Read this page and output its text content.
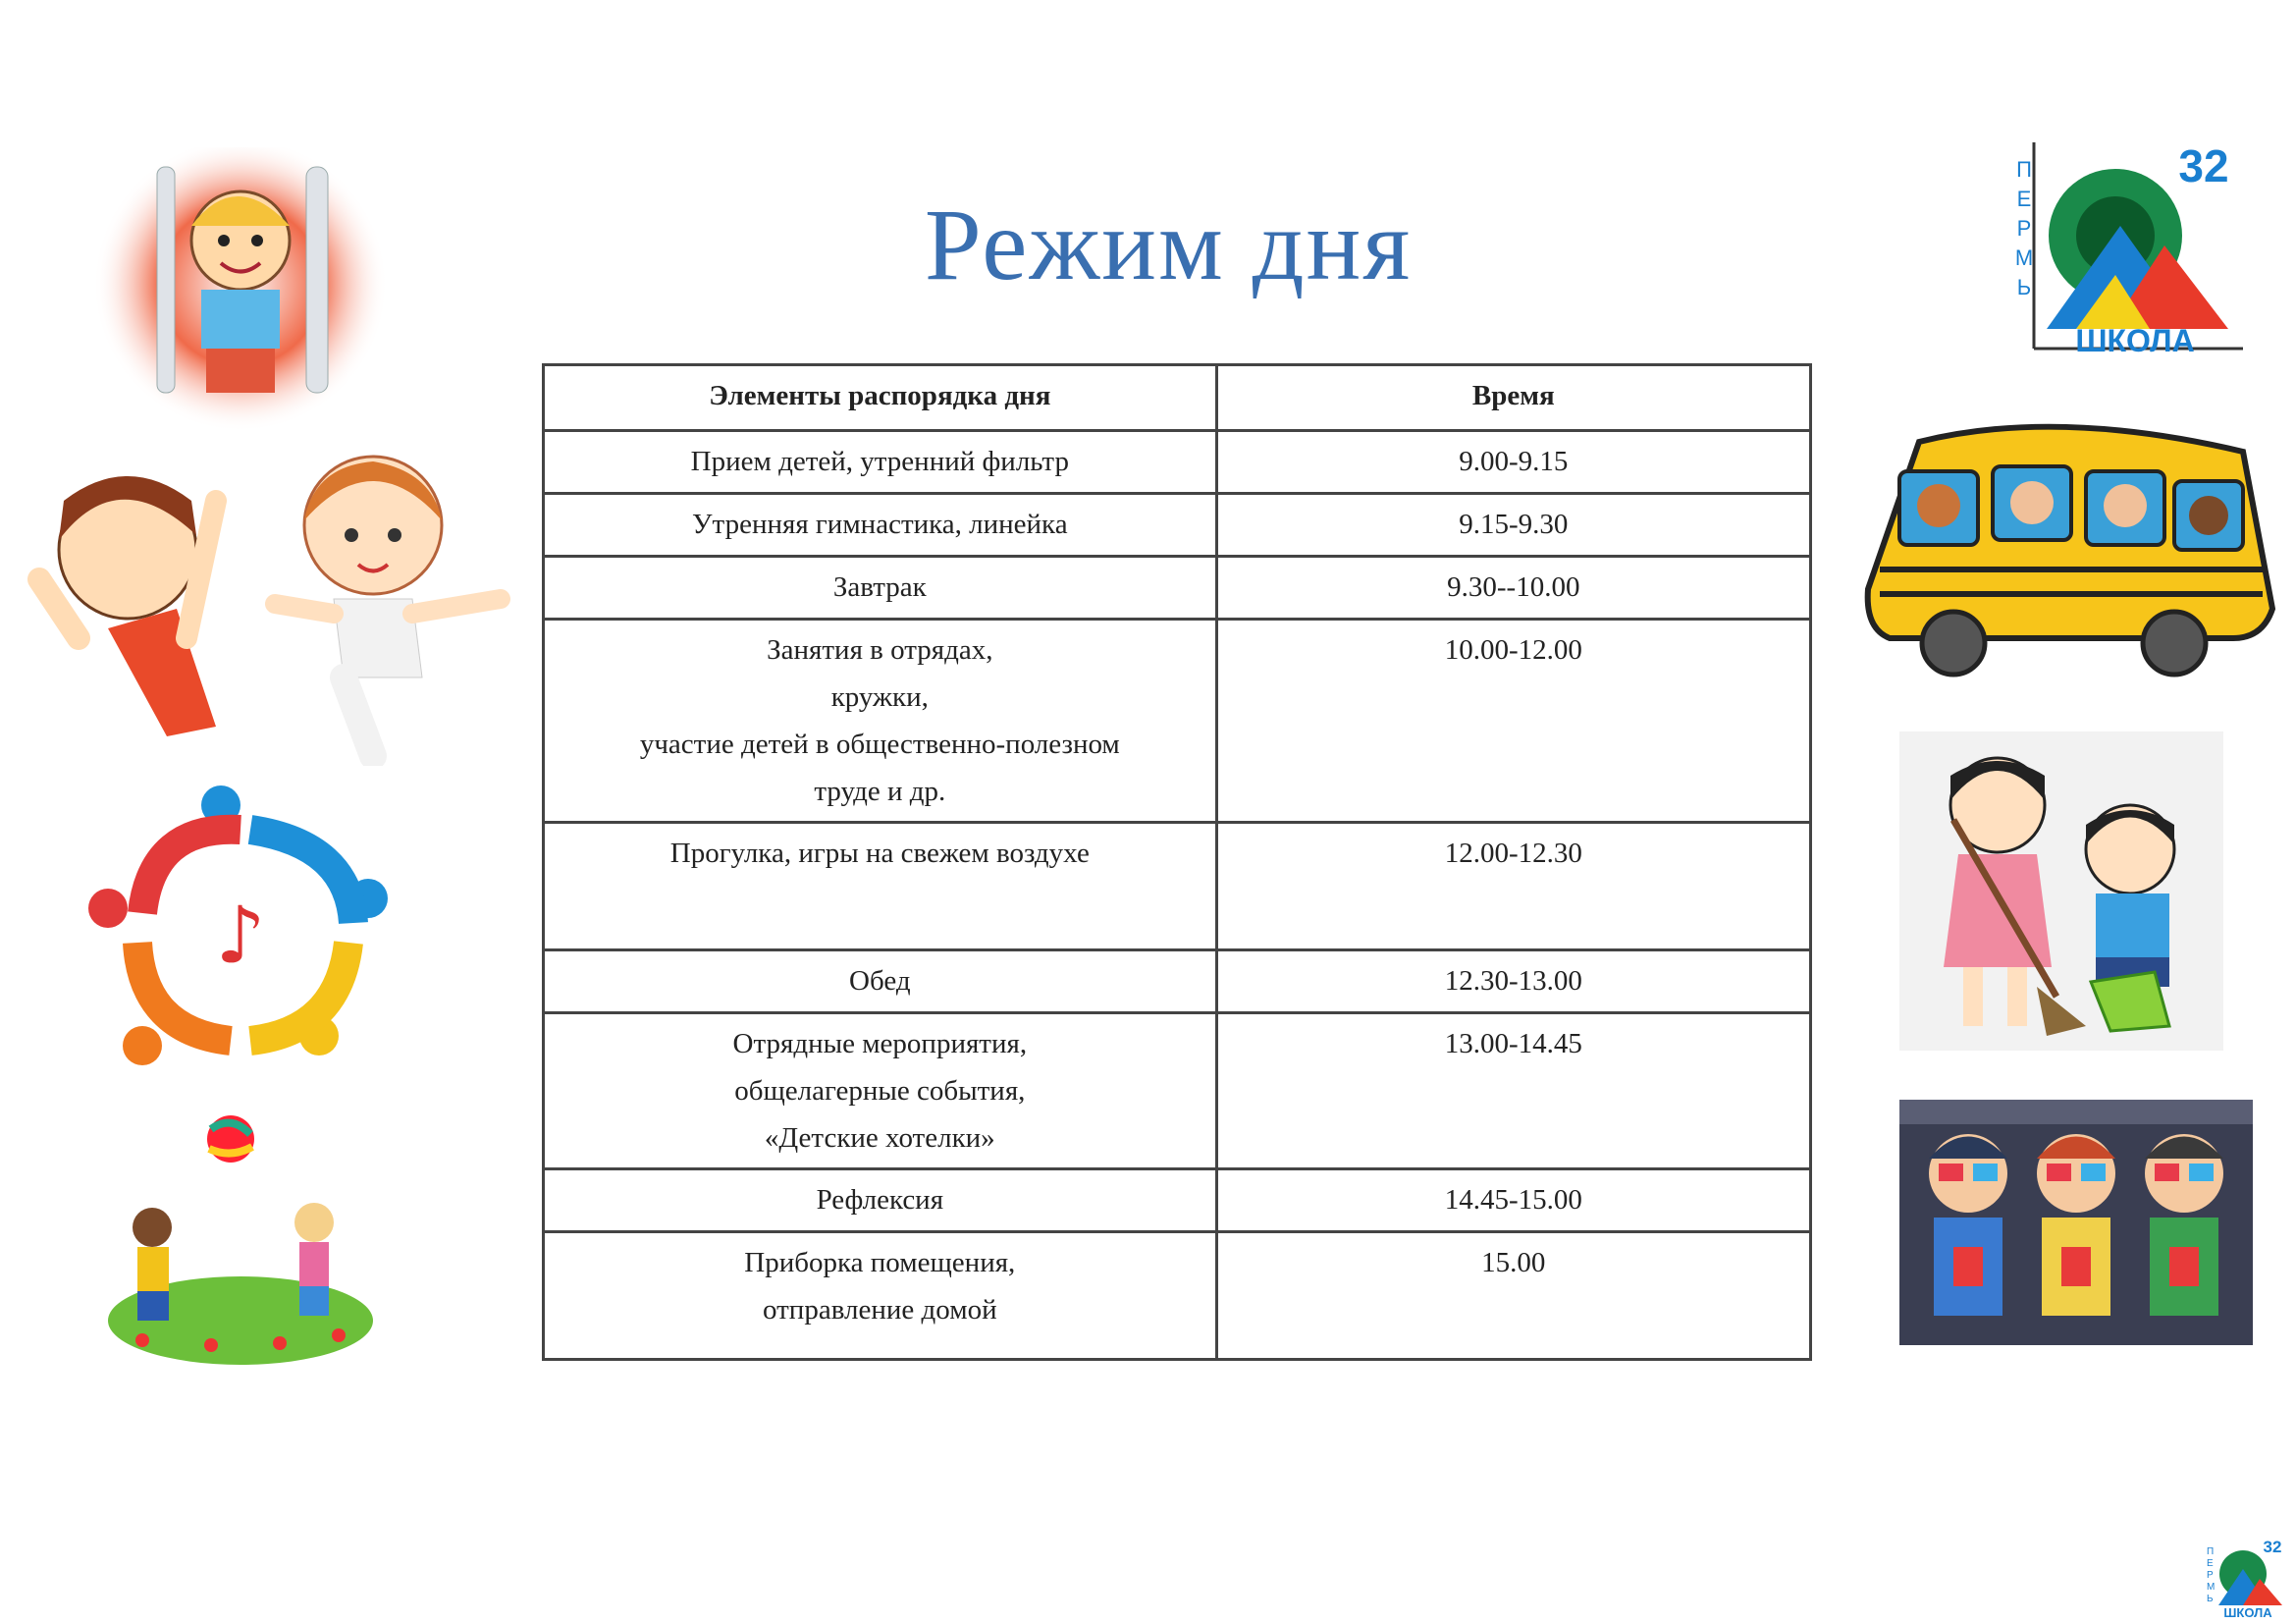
Режим дня
Элементы распорядка дня	Время
Прием детей, утренний фильтр	9.00-9.15
Утренняя гимнастика, линейка	9.15-9.30
Завтрак	9.30--10.00
Занятия в отрядах,
кружки,
участие детей в общественно-полезном
труде и др.	10.00-12.00
Прогулка, игры на свежем воздухе	12.00-12.30
Обед	12.30-13.00
Отрядные мероприятия,
общелагерные события,
«Детские хотелки»	13.00-14.45
Рефлексия	14.45-15.00
Приборка помещения,
отправление домой	15.00
♪
П
Е
Р
М
Ь
32
ШКОЛА
П
Е
Р
М
Ь
32
ШКОЛА
